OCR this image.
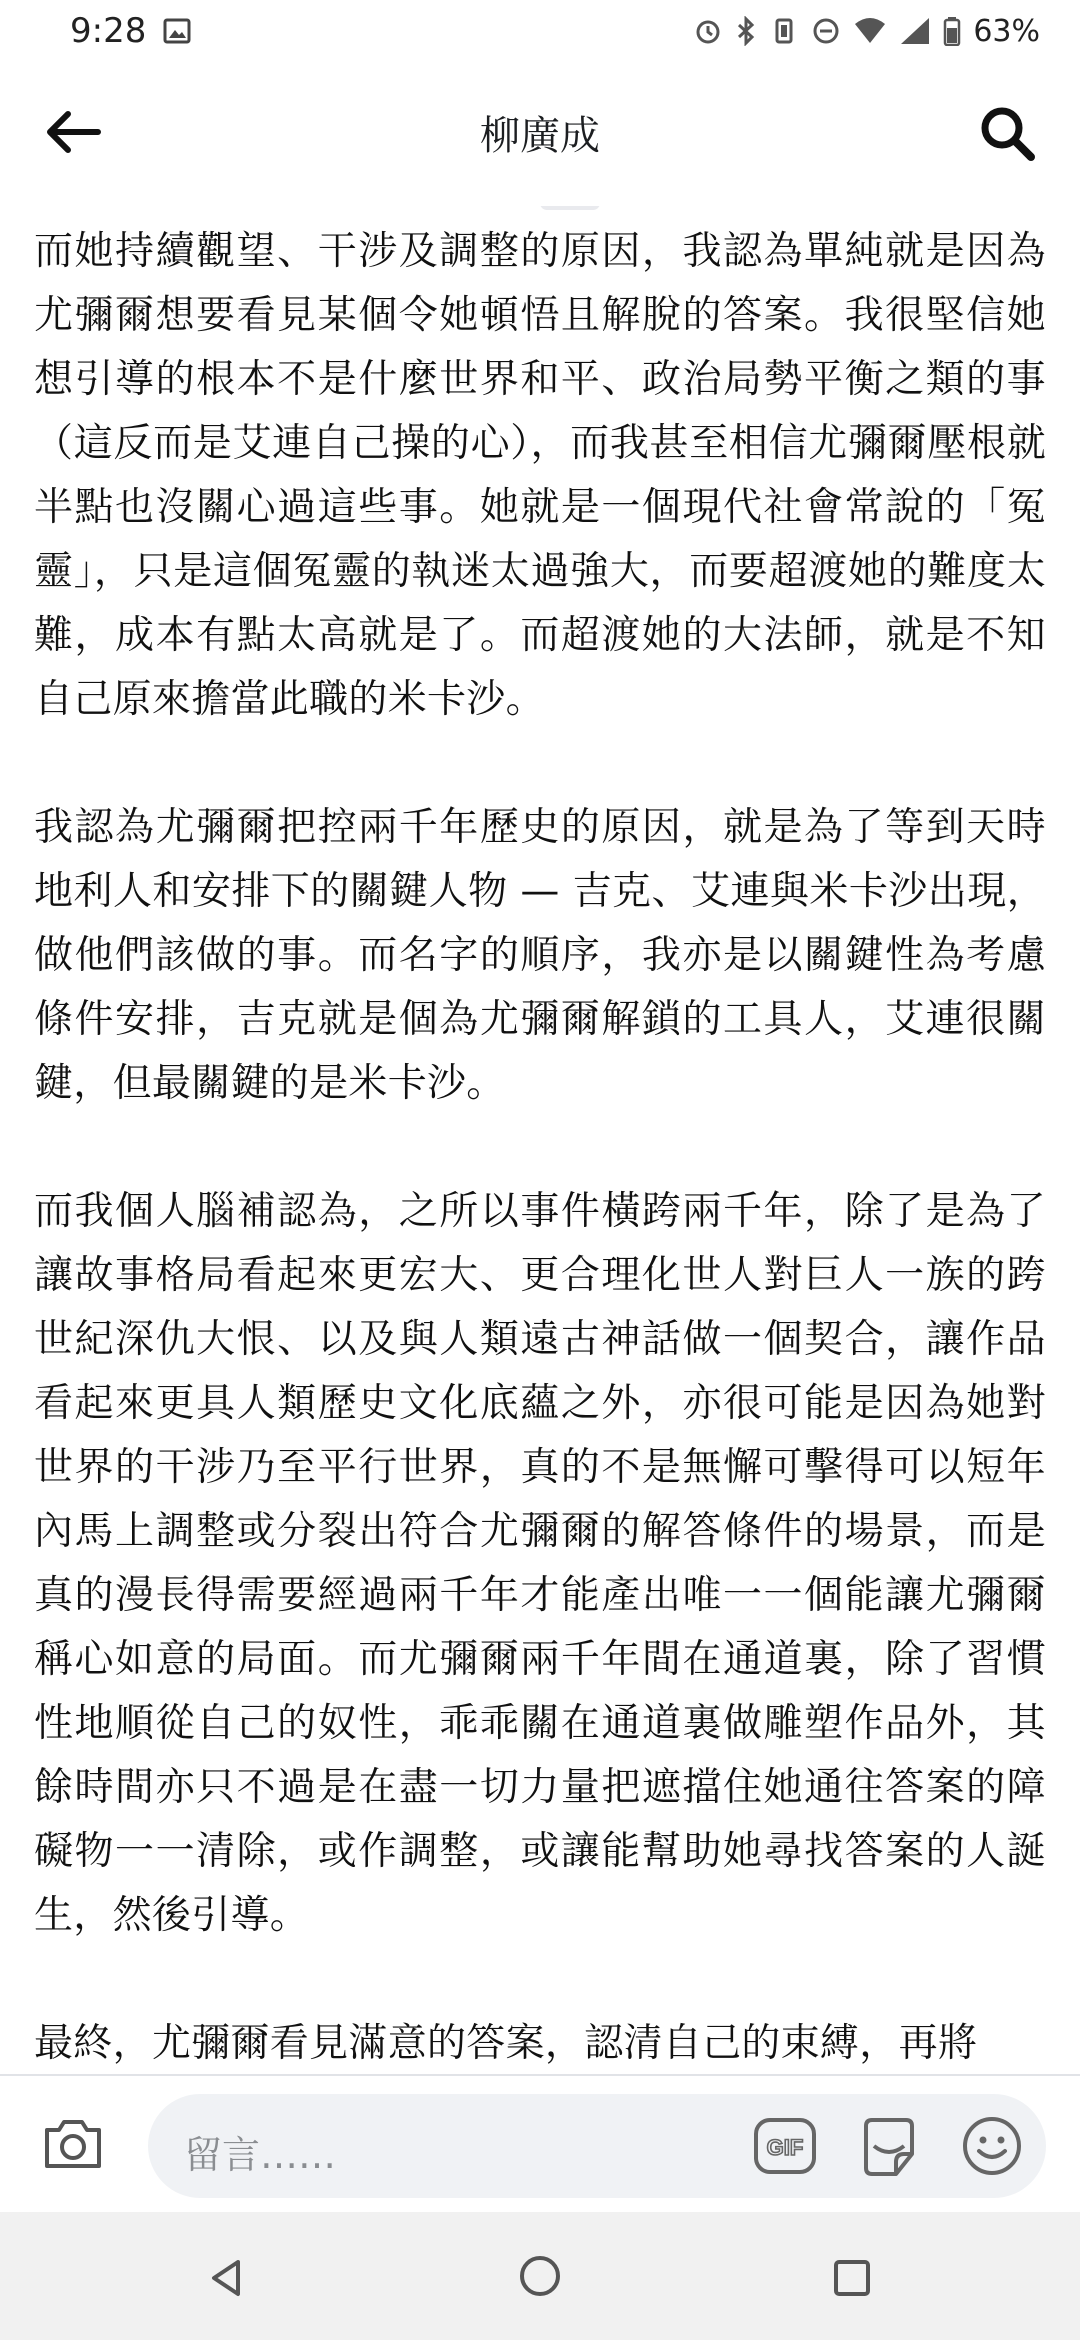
9:28	63%
柳廣成

而她持續觀望、干涉及調整的原因，我認為單純就是因為尤彌爾想要看見某個令她頓悟且解脫的答案。我很堅信她想引導的根本不是什麼世界和平、政治局勢平衡之類的事（這反而是艾連自己操的心），而我甚至相信尤彌爾壓根就半點也沒關心過這些事。她就是一個現代社會常說的「冤靈」，只是這個冤靈的執迷太過強大，而要超渡她的難度太難，成本有點太高就是了。而超渡她的大法師，就是不知自己原來擔當此職的米卡沙。

我認為尤彌爾把控兩千年歷史的原因，就是為了等到天時地利人和安排下的關鍵人物 — 吉克、艾連與米卡沙出現，做他們該做的事。而名字的順序，我亦是以關鍵性為考慮條件安排，吉克就是個為尤彌爾解鎖的工具人，艾連很關鍵，但最關鍵的是米卡沙。

而我個人腦補認為，之所以事件橫跨兩千年，除了是為了讓故事格局看起來更宏大、更合理化世人對巨人一族的跨世紀深仇大恨、以及與人類遠古神話做一個契合，讓作品看起來更具人類歷史文化底蘊之外，亦很可能是因為她對世界的干涉乃至平行世界，真的不是無懈可擊得可以短年內馬上調整或分裂出符合尤彌爾的解答條件的場景，而是真的漫長得需要經過兩千年才能產出唯一一個能讓尤彌爾稱心如意的局面。而尤彌爾兩千年間在通道裏，除了習慣性地順從自己的奴性，乖乖關在通道裏做雕塑作品外，其餘時間亦只不過是在盡一切力量把遮擋住她通往答案的障礙物一一清除，或作調整，或讓能幫助她尋找答案的人誕生，然後引導。

最終，尤彌爾看見滿意的答案，認清自己的束縛，再將

留言……	GIF
